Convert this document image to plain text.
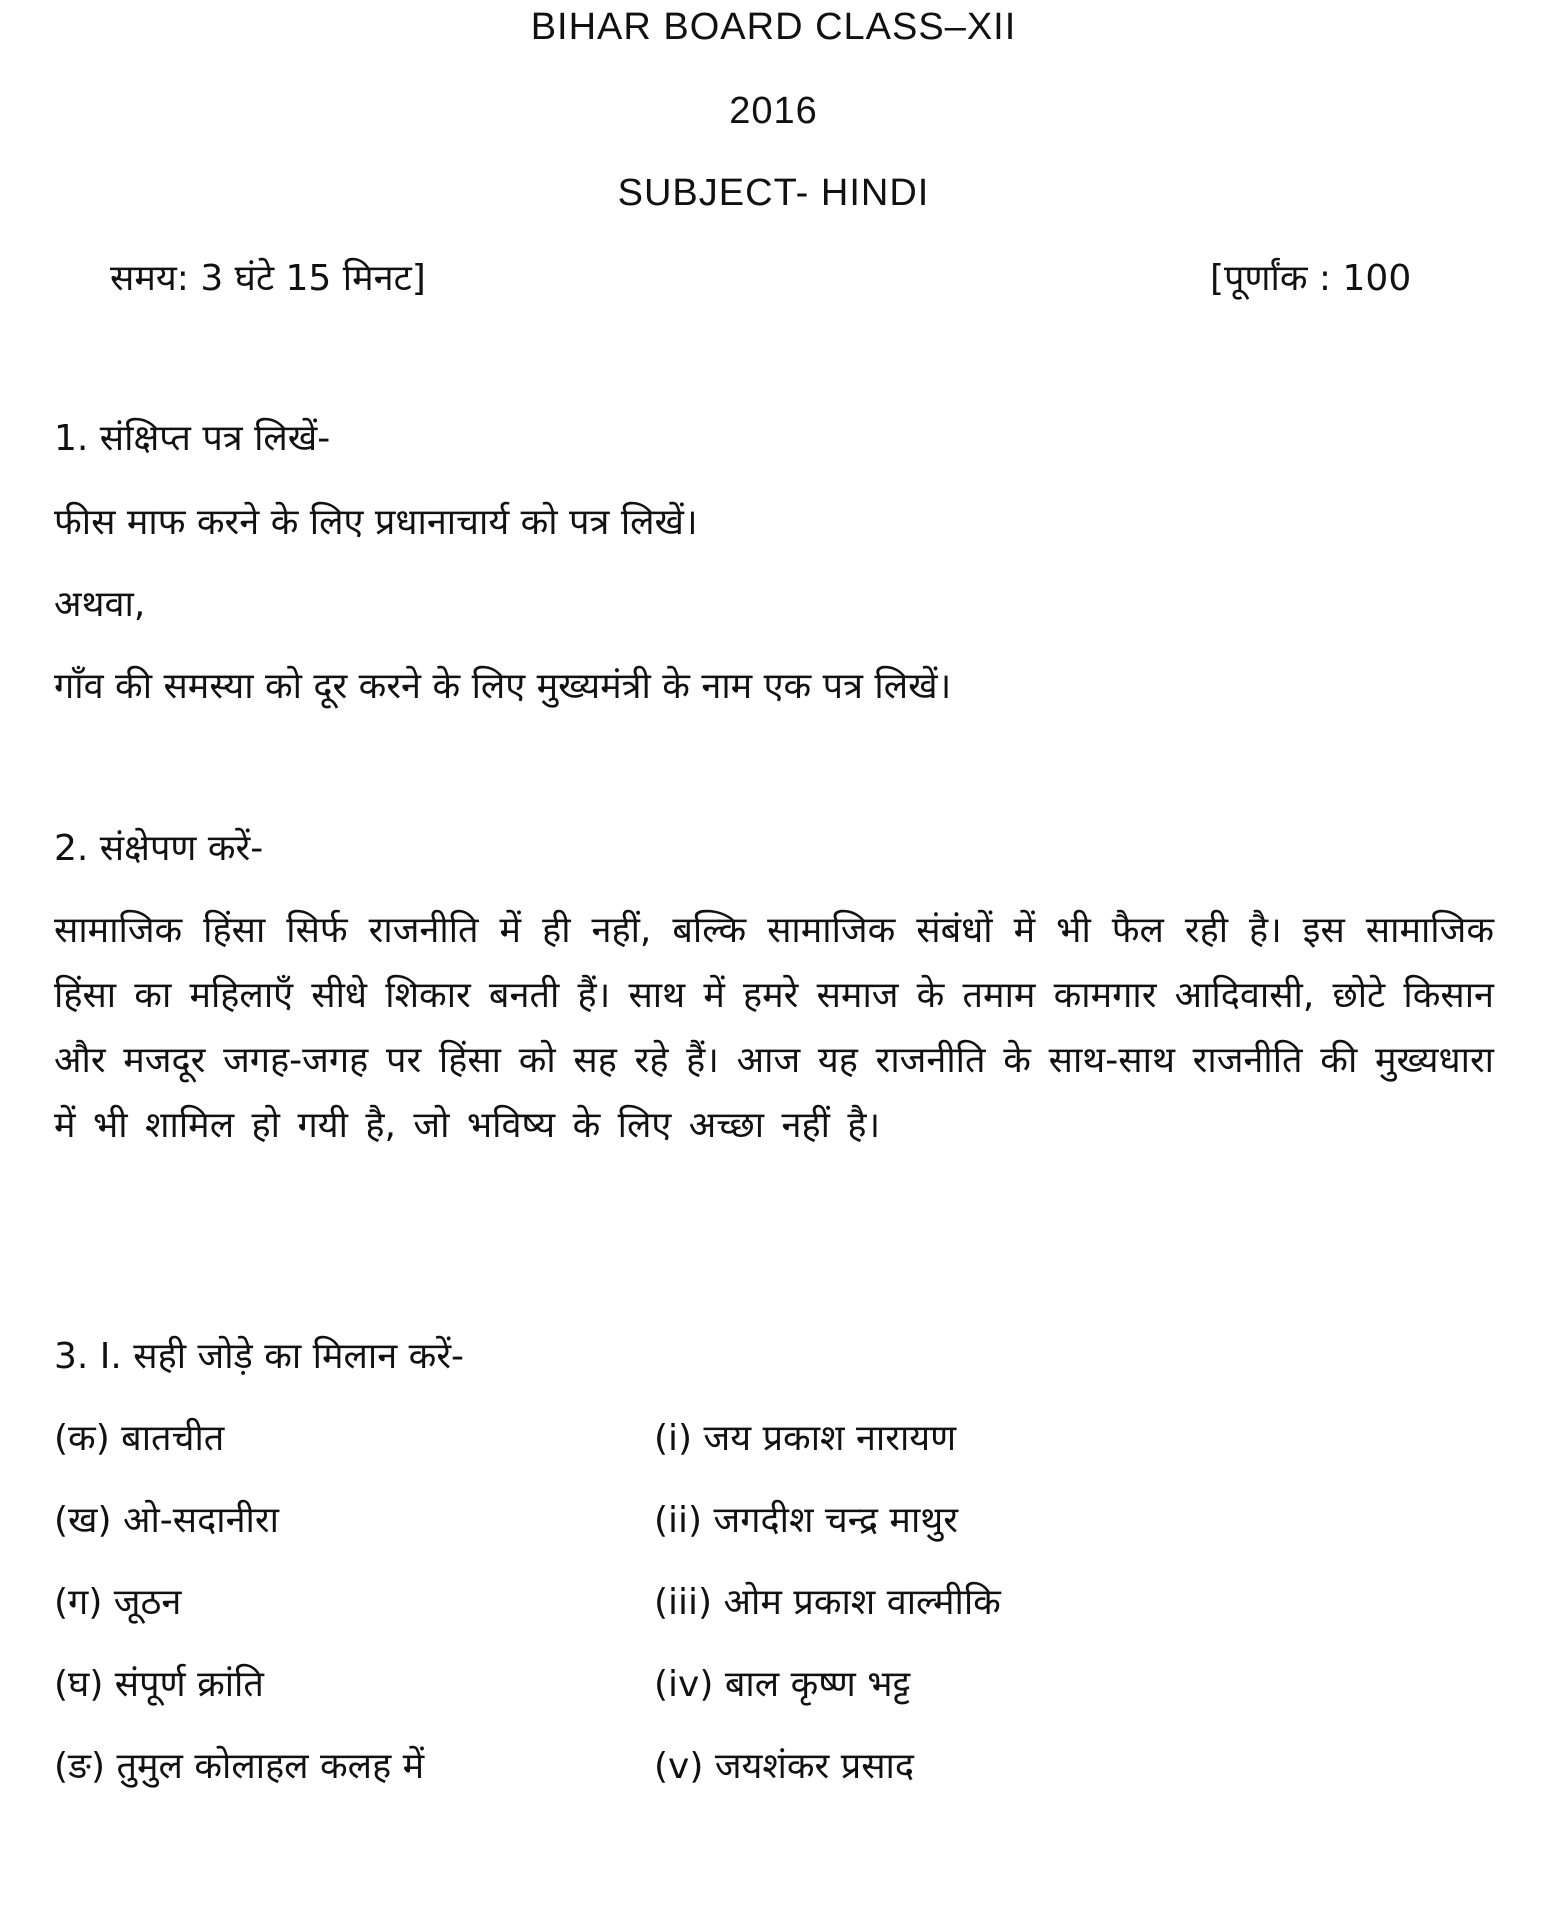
BIHAR BOARD CLASS–XII
2016
SUBJECT- HINDI
समय: 3 घंटे 15 मिनट]	[पूर्णांक : 100
1. संक्षिप्त पत्र लिखें-
फीस माफ करने के लिए प्रधानाचार्य को पत्र लिखें।
अथवा,
गाँव की समस्या को दूर करने के लिए मुख्यमंत्री के नाम एक पत्र लिखें।
2. संक्षेपण करें-
सामाजिक हिंसा सिर्फ राजनीति में ही नहीं, बल्कि सामाजिक संबंधों में भी फैल रही है। इस सामाजिक हिंसा का महिलाएँ सीधे शिकार बनती हैं। साथ में हमरे समाज के तमाम कामगार आदिवासी, छोटे किसान और मजदूर जगह-जगह पर हिंसा को सह रहे हैं। आज यह राजनीति के साथ-साथ राजनीति की मुख्यधारा में भी शामिल हो गयी है, जो भविष्य के लिए अच्छा नहीं है।
3. I. सही जोड़े का मिलान करें-
(क) बातचीत	(i) जय प्रकाश नारायण
(ख) ओ-सदानीरा	(ii) जगदीश चन्द्र माथुर
(ग) जूठन	(iii) ओम प्रकाश वाल्मीकि
(घ) संपूर्ण क्रांति	(iv) बाल कृष्ण भट्ट
(ङ) तुमुल कोलाहल कलह में	(v) जयशंकर प्रसाद
